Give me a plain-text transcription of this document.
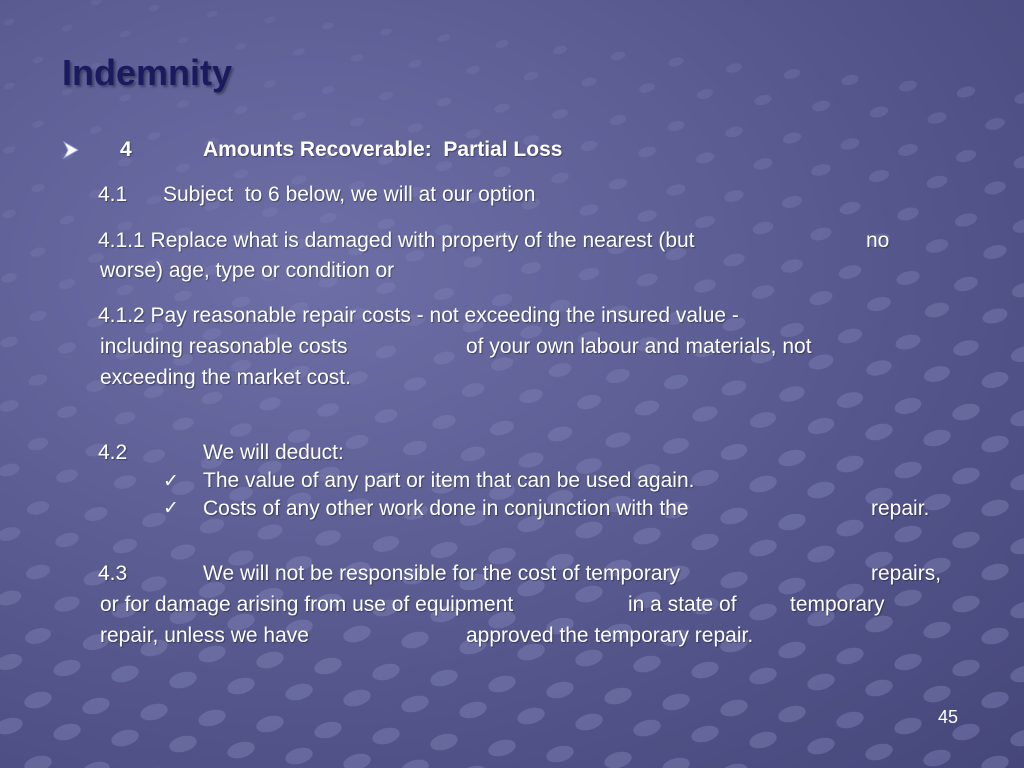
Indemnity
4	Amounts Recoverable:  Partial Loss
4.1 Subject  to 6 below, we will at our option
4.1.1 Replace what is damaged with property of the nearest (but	no
worse) age, type or condition or
4.1.2 Pay reasonable repair costs - not exceeding the insured value -
including reasonable costs	of your own labour and materials, not
exceeding the market cost.
4.2	We will deduct:
✓ The value of any part or item that can be used again.
✓ Costs of any other work done in conjunction with the	repair.
4.3	We will not be responsible for the cost of temporary	repairs,
or for damage arising from use of equipment	in a state of	temporary
repair, unless we have	approved the temporary repair.
45
